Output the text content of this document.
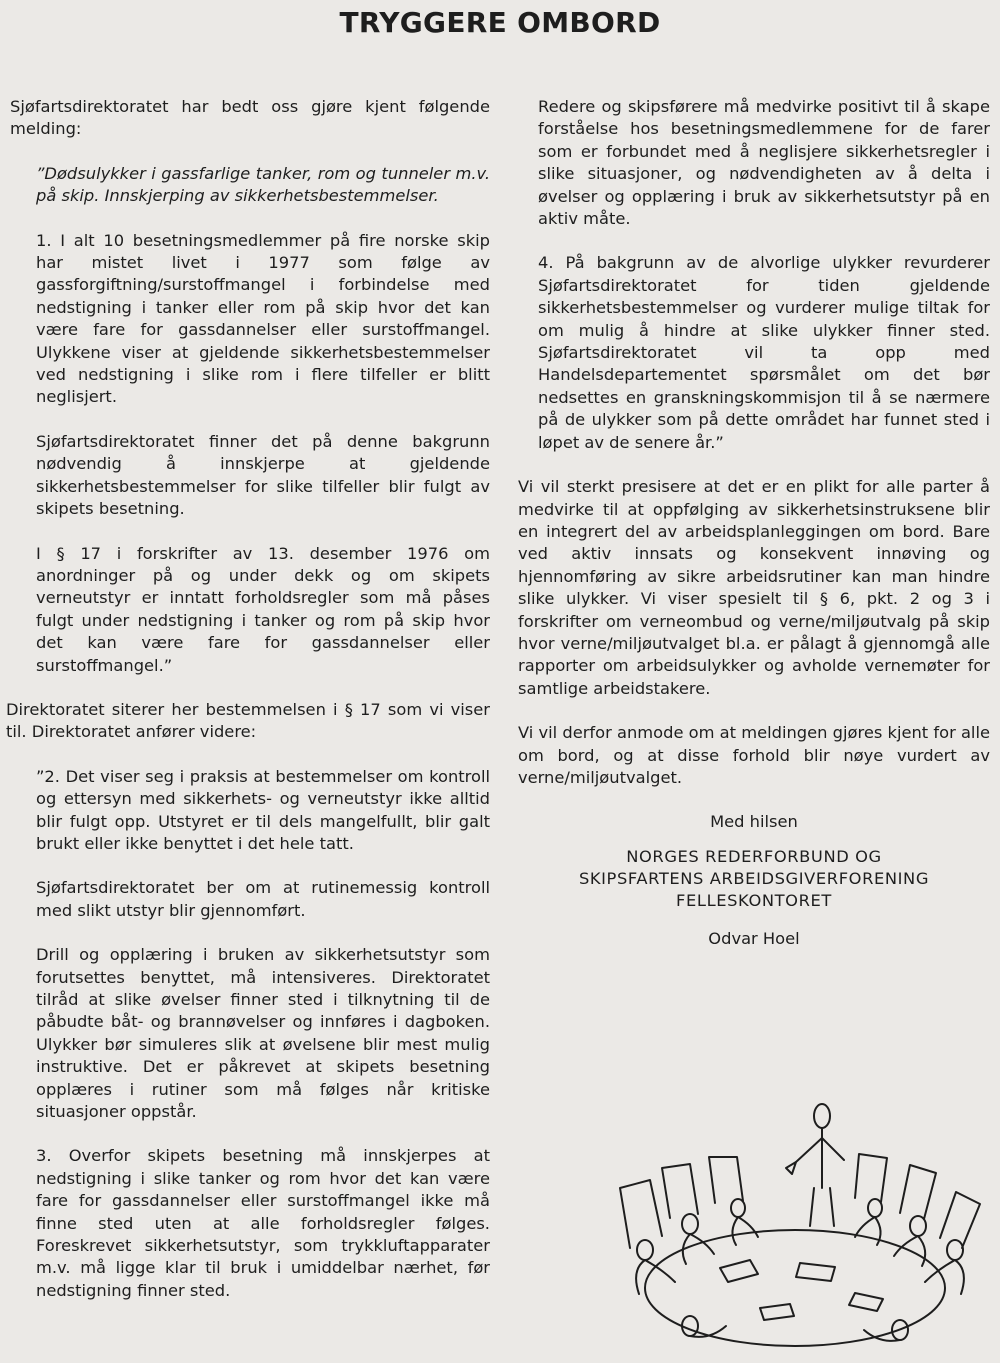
TRYGGERE OMBORD

Sjøfartsdirektoratet har bedt oss gjøre kjent følgende melding:

”Dødsulykker i gassfarlige tanker, rom og tunneler m.v. på skip. Innskjerping av sikkerhetsbestemmelser.

1. I alt 10 besetningsmedlemmer på fire norske skip har mistet livet i 1977 som følge av gassforgiftning/surstoffmangel i forbindelse med nedstigning i tanker eller rom på skip hvor det kan være fare for gassdannelser eller surstoffmangel. Ulykkene viser at gjeldende sikkerhetsbestemmelser ved nedstigning i slike rom i flere tilfeller er blitt neglisjert.

Sjøfartsdirektoratet finner det på denne bakgrunn nødvendig å innskjerpe at gjeldende sikkerhetsbestemmelser for slike tilfeller blir fulgt av skipets besetning.

I § 17 i forskrifter av 13. desember 1976 om anordninger på og under dekk og om skipets verneutstyr er inntatt forholdsregler som må påses fulgt under nedstigning i tanker og rom på skip hvor det kan være fare for gassdannelser eller surstoffmangel.”

Direktoratet siterer her bestemmelsen i § 17 som vi viser til. Direktoratet anfører videre:

”2. Det viser seg i praksis at bestemmelser om kontroll og ettersyn med sikkerhets- og verneutstyr ikke alltid blir fulgt opp. Utstyret er til dels mangelfullt, blir galt brukt eller ikke benyttet i det hele tatt.

Sjøfartsdirektoratet ber om at rutinemessig kontroll med slikt utstyr blir gjennomført.

Drill og opplæring i bruken av sikkerhetsutstyr som forutsettes benyttet, må intensiveres. Direktoratet tilråd at slike øvelser finner sted i tilknytning til de påbudte båt- og brannøvelser og innføres i dagboken. Ulykker bør simuleres slik at øvelsene blir mest mulig instruktive. Det er påkrevet at skipets besetning opplæres i rutiner som må følges når kritiske situasjoner oppstår.

3. Overfor skipets besetning må innskjerpes at nedstigning i slike tanker og rom hvor det kan være fare for gassdannelser eller surstoffmangel ikke må finne sted uten at alle forholdsregler følges. Foreskrevet sikkerhetsutstyr, som trykkluftapparater m.v. må ligge klar til bruk i umiddelbar nærhet, før nedstigning finner sted.

Redere og skipsførere må medvirke positivt til å skape forståelse hos besetningsmedlemmene for de farer som er forbundet med å neglisjere sikkerhetsregler i slike situasjoner, og nødvendigheten av å delta i øvelser og opplæring i bruk av sikkerhetsutstyr på en aktiv måte.

4. På bakgrunn av de alvorlige ulykker revurderer Sjøfartsdirektoratet for tiden gjeldende sikkerhetsbestemmelser og vurderer mulige tiltak for om mulig å hindre at slike ulykker finner sted. Sjøfartsdirektoratet vil ta opp med Handelsdepartementet spørsmålet om det bør nedsettes en granskningskommisjon til å se nærmere på de ulykker som på dette området har funnet sted i løpet av de senere år.”

Vi vil sterkt presisere at det er en plikt for alle parter å medvirke til at oppfølging av sikkerhetsinstruksene blir en integrert del av arbeidsplanleggingen om bord. Bare ved aktiv innsats og konsekvent innøving og hjennomføring av sikre arbeidsrutiner kan man hindre slike ulykker. Vi viser spesielt til § 6, pkt. 2 og 3 i forskrifter om verneombud og verne/miljøutvalg på skip hvor verne/miljøutvalget bl.a. er pålagt å gjennomgå alle rapporter om arbeidsulykker og avholde vernemøter for samtlige arbeidstakere.

Vi vil derfor anmode om at meldingen gjøres kjent for alle om bord, og at disse forhold blir nøye vurdert av verne/miljøutvalget.

Med hilsen
NORGES REDERFORBUND OG
SKIPSFARTENS ARBEIDSGIVERFORENING
FELLESKONTORET
Odvar Hoel
